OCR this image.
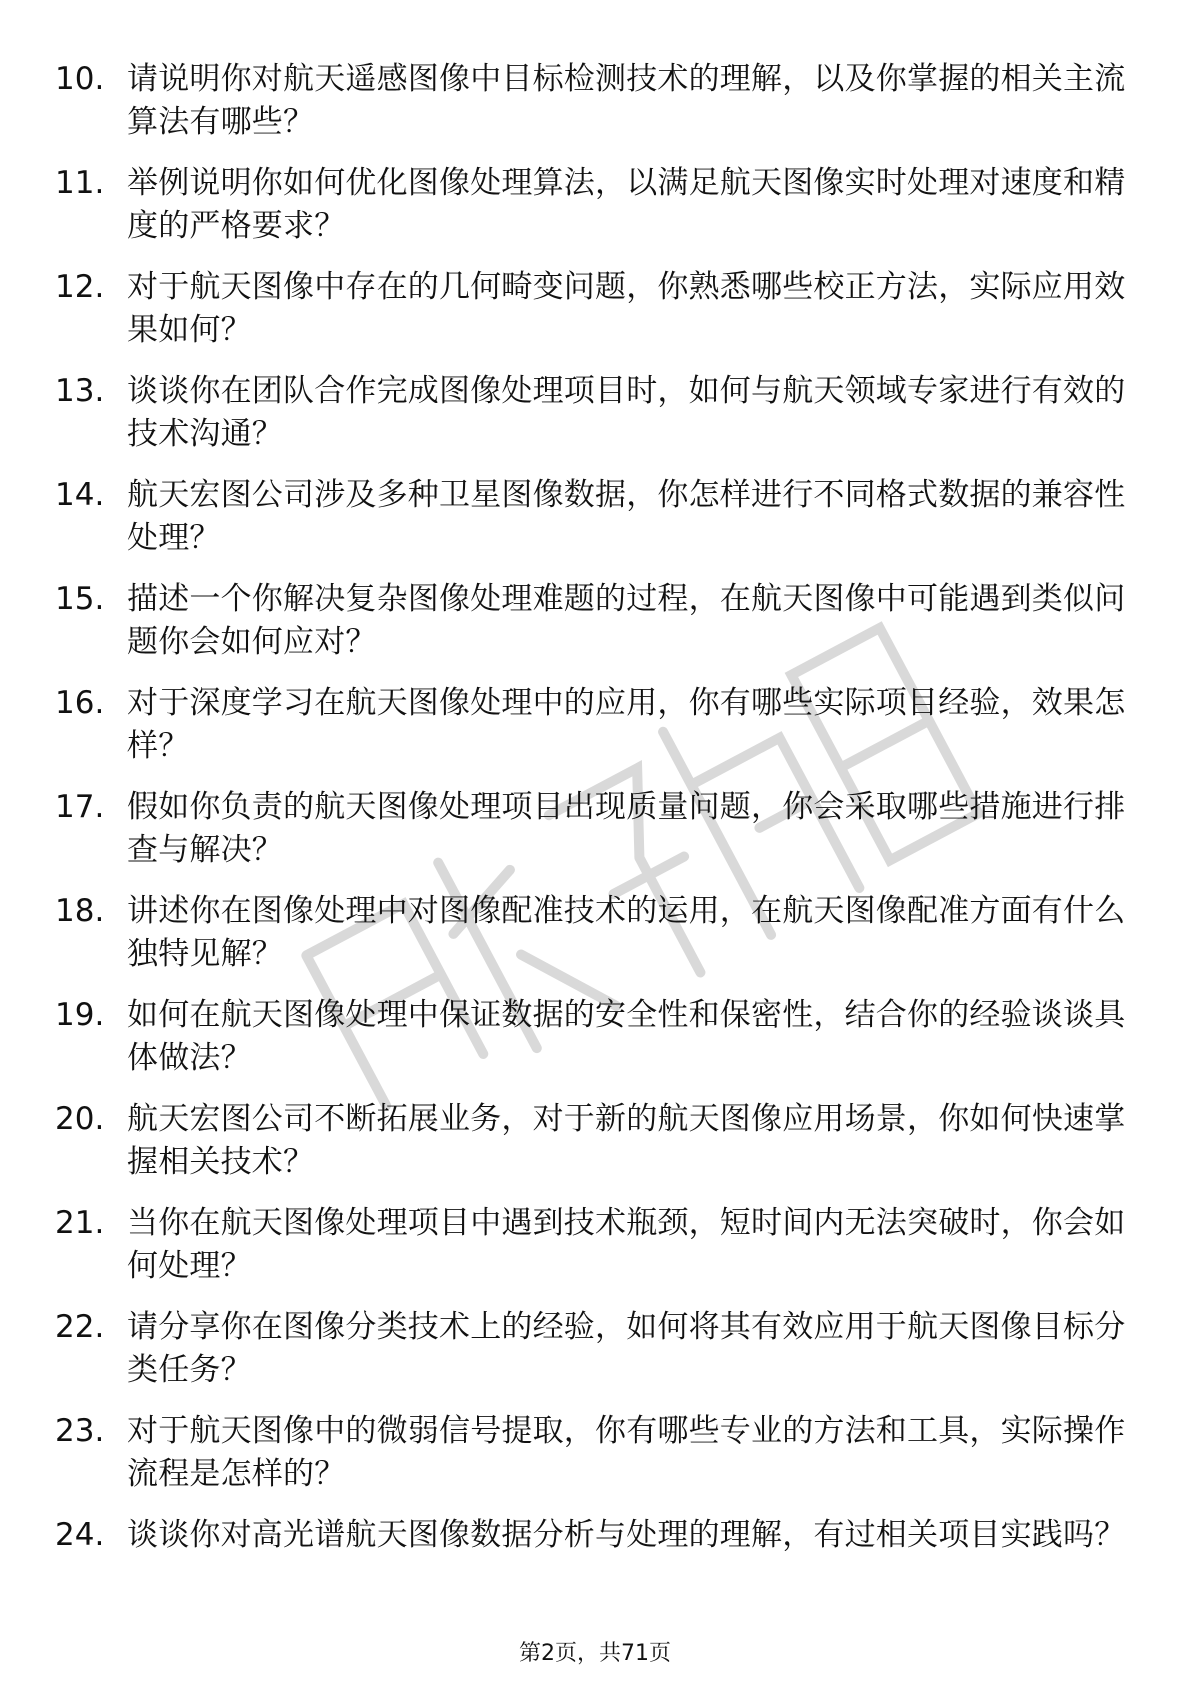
10. 请说明你对航天遥感图像中目标检测技术的理解，以及你掌握的相关主流算法有哪些？
11. 举例说明你如何优化图像处理算法，以满足航天图像实时处理对速度和精度的严格要求？
12. 对于航天图像中存在的几何畸变问题，你熟悉哪些校正方法，实际应用效果如何？
13. 谈谈你在团队合作完成图像处理项目时，如何与航天领域专家进行有效的技术沟通？
14. 航天宏图公司涉及多种卫星图像数据，你怎样进行不同格式数据的兼容性处理？
15. 描述一个你解决复杂图像处理难题的过程，在航天图像中可能遇到类似问题你会如何应对？
16. 对于深度学习在航天图像处理中的应用，你有哪些实际项目经验，效果怎样？
17. 假如你负责的航天图像处理项目出现质量问题，你会采取哪些措施进行排查与解决？
18. 讲述你在图像处理中对图像配准技术的运用，在航天图像配准方面有什么独特见解？
19. 如何在航天图像处理中保证数据的安全性和保密性，结合你的经验谈谈具体做法？
20. 航天宏图公司不断拓展业务，对于新的航天图像应用场景，你如何快速掌握相关技术？
21. 当你在航天图像处理项目中遇到技术瓶颈，短时间内无法突破时，你会如何处理？
22. 请分享你在图像分类技术上的经验，如何将其有效应用于航天图像目标分类任务？
23. 对于航天图像中的微弱信号提取，你有哪些专业的方法和工具，实际操作流程是怎样的？
24. 谈谈你对高光谱航天图像数据分析与处理的理解，有过相关项目实践吗？
第2页，共71页
